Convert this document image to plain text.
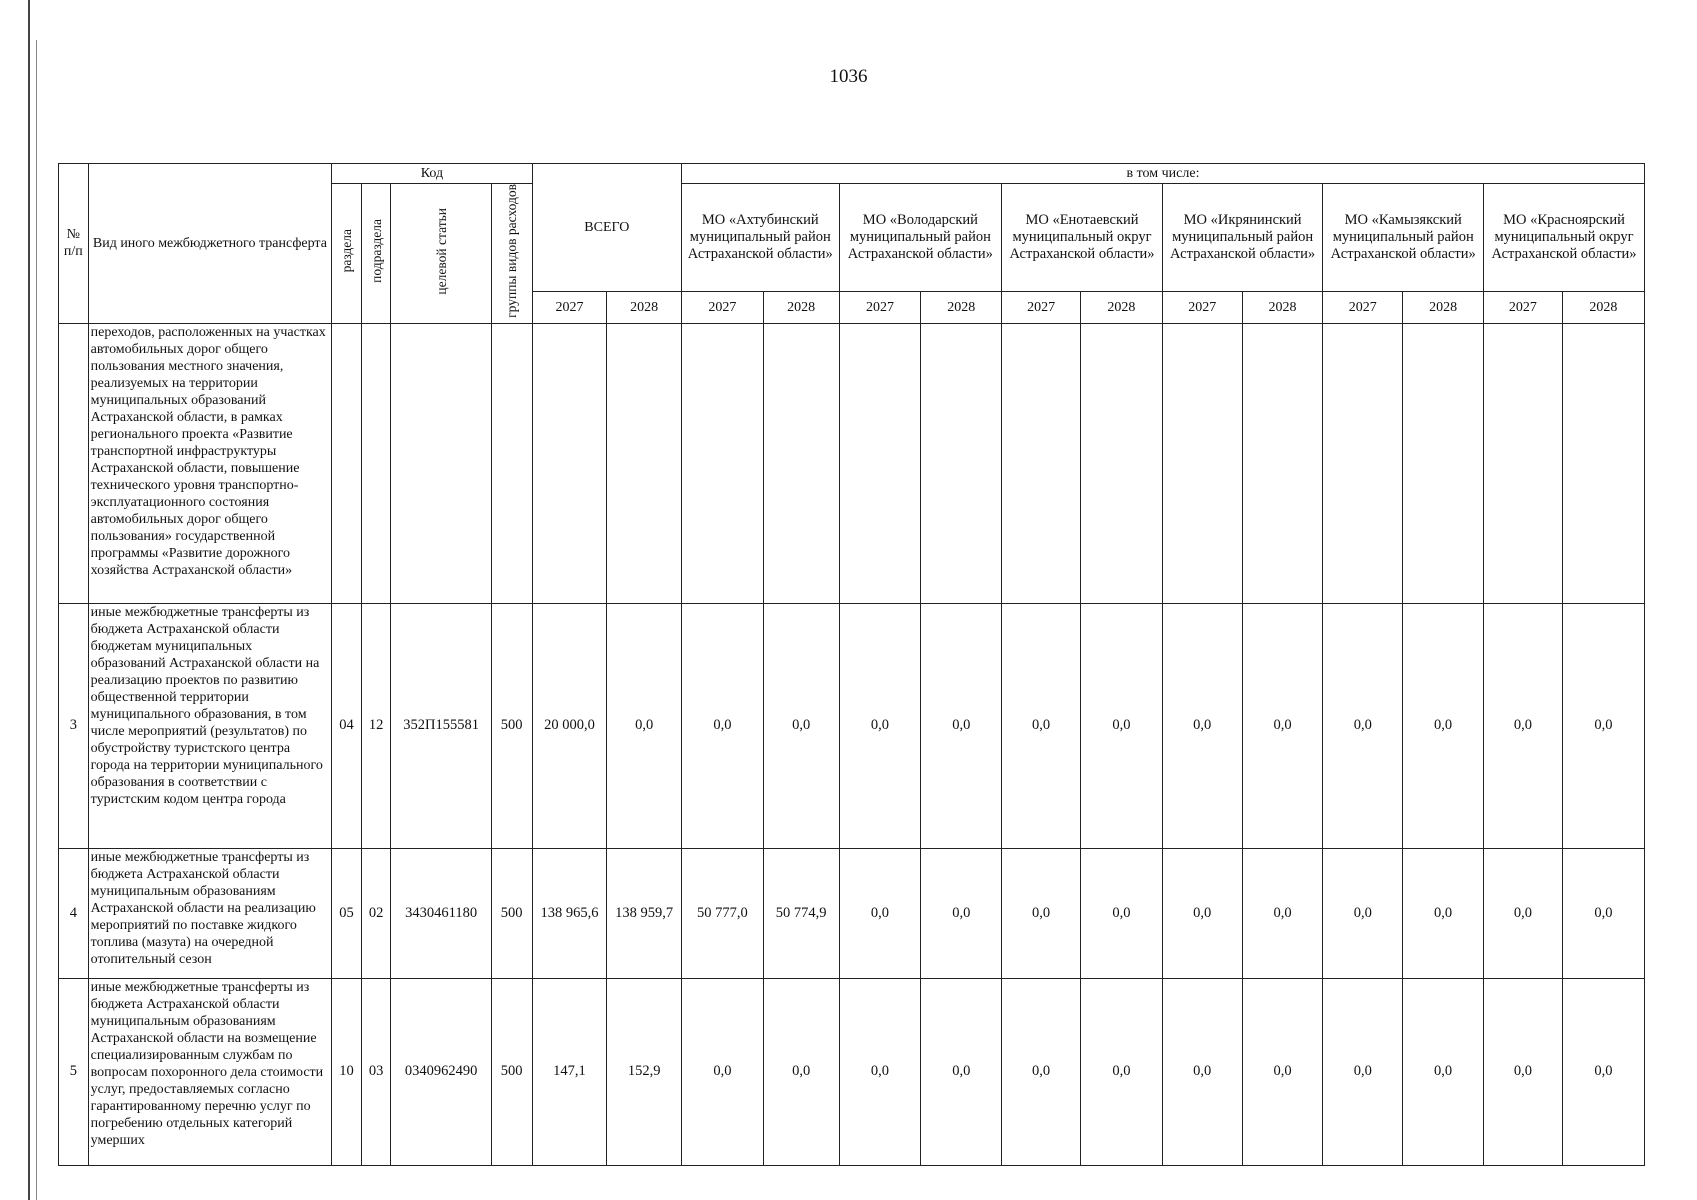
1036
№ п/п	Вид иного межбюджетного трансферта	Код				ВСЕГО		в том числе:											
		раздела	подраздела	целевой статьи	группы видов расходов			МО «Ахтубинский муниципальный район Астраханской области»		МО «Володарский муниципальный район Астраханской области»		МО «Енотаевский муниципальный округ Астраханской области»		МО «Икрянинский муниципальный район Астраханской области»		МО «Камызякский муниципальный район Астраханской области»		МО «Красноярский муниципальный округ Астраханской области»	
						2027	2028	2027	2028	2027	2028	2027	2028	2027	2028	2027	2028	2027	2028
	переходов, расположенных на участках автомобильных дорог общего пользования местного значения, реализуемых на территории муниципальных образований Астраханской области, в рамках регионального проекта «Развитие транспортной инфраструктуры Астраханской области, повышение технического уровня транспортно-эксплуатационного состояния автомобильных дорог общего пользования» государственной программы «Развитие дорожного хозяйства Астраханской области»																		
3	иные межбюджетные трансферты из бюджета Астраханской области бюджетам муниципальных образований Астраханской области на реализацию проектов по развитию общественной территории муниципального образования, в том числе мероприятий (результатов) по обустройству туристского центра города на территории муниципального образования в соответствии с туристским кодом центра города	04	12	352П155581	500	20 000,0	0,0	0,0	0,0	0,0	0,0	0,0	0,0	0,0	0,0	0,0	0,0	0,0	0,0
4	иные межбюджетные трансферты из бюджета Астраханской области муниципальным образованиям Астраханской области на реализацию мероприятий по поставке жидкого топлива (мазута) на очередной отопительный сезон	05	02	3430461180	500	138 965,6	138 959,7	50 777,0	50 774,9	0,0	0,0	0,0	0,0	0,0	0,0	0,0	0,0	0,0	0,0
5	иные межбюджетные трансферты из бюджета Астраханской области муниципальным образованиям Астраханской области на возмещение специализированным службам по вопросам похоронного дела стоимости услуг, предоставляемых согласно гарантированному перечню услуг по погребению отдельных категорий умерших	10	03	0340962490	500	147,1	152,9	0,0	0,0	0,0	0,0	0,0	0,0	0,0	0,0	0,0	0,0	0,0	0,0
